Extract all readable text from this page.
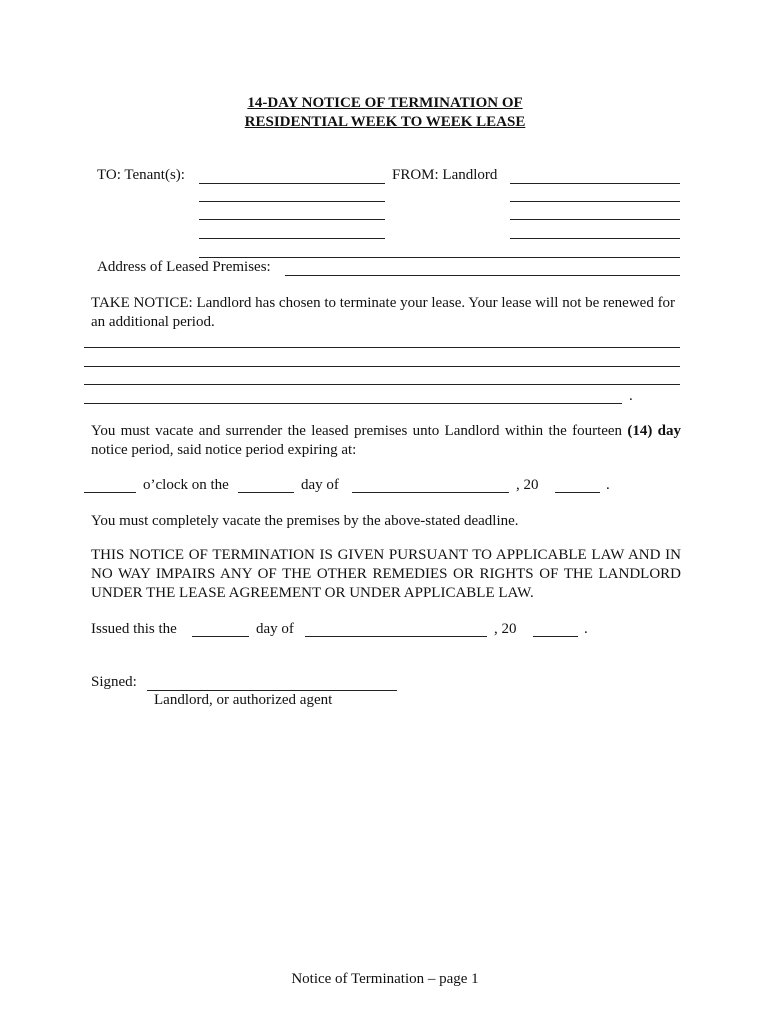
14-DAY NOTICE OF TERMINATION OF
RESIDENTIAL WEEK TO WEEK LEASE
TO: Tenant(s):	FROM: Landlord
Address of Leased Premises:
TAKE NOTICE: Landlord has chosen to terminate your lease. Your lease will not be renewed for an additional period.
.
You must vacate and surrender the leased premises unto Landlord within the fourteen (14) day notice period, said notice period expiring at:
o’clock on the	day of	, 20	.
You must completely vacate the premises by the above-stated deadline.
THIS NOTICE OF TERMINATION IS GIVEN PURSUANT TO APPLICABLE LAW AND IN NO WAY IMPAIRS ANY OF THE OTHER REMEDIES OR RIGHTS OF THE LANDLORD UNDER THE LEASE AGREEMENT OR UNDER APPLICABLE LAW.
Issued this the	day of	, 20	.
Signed:
Landlord, or authorized agent
Notice of Termination – page 1
